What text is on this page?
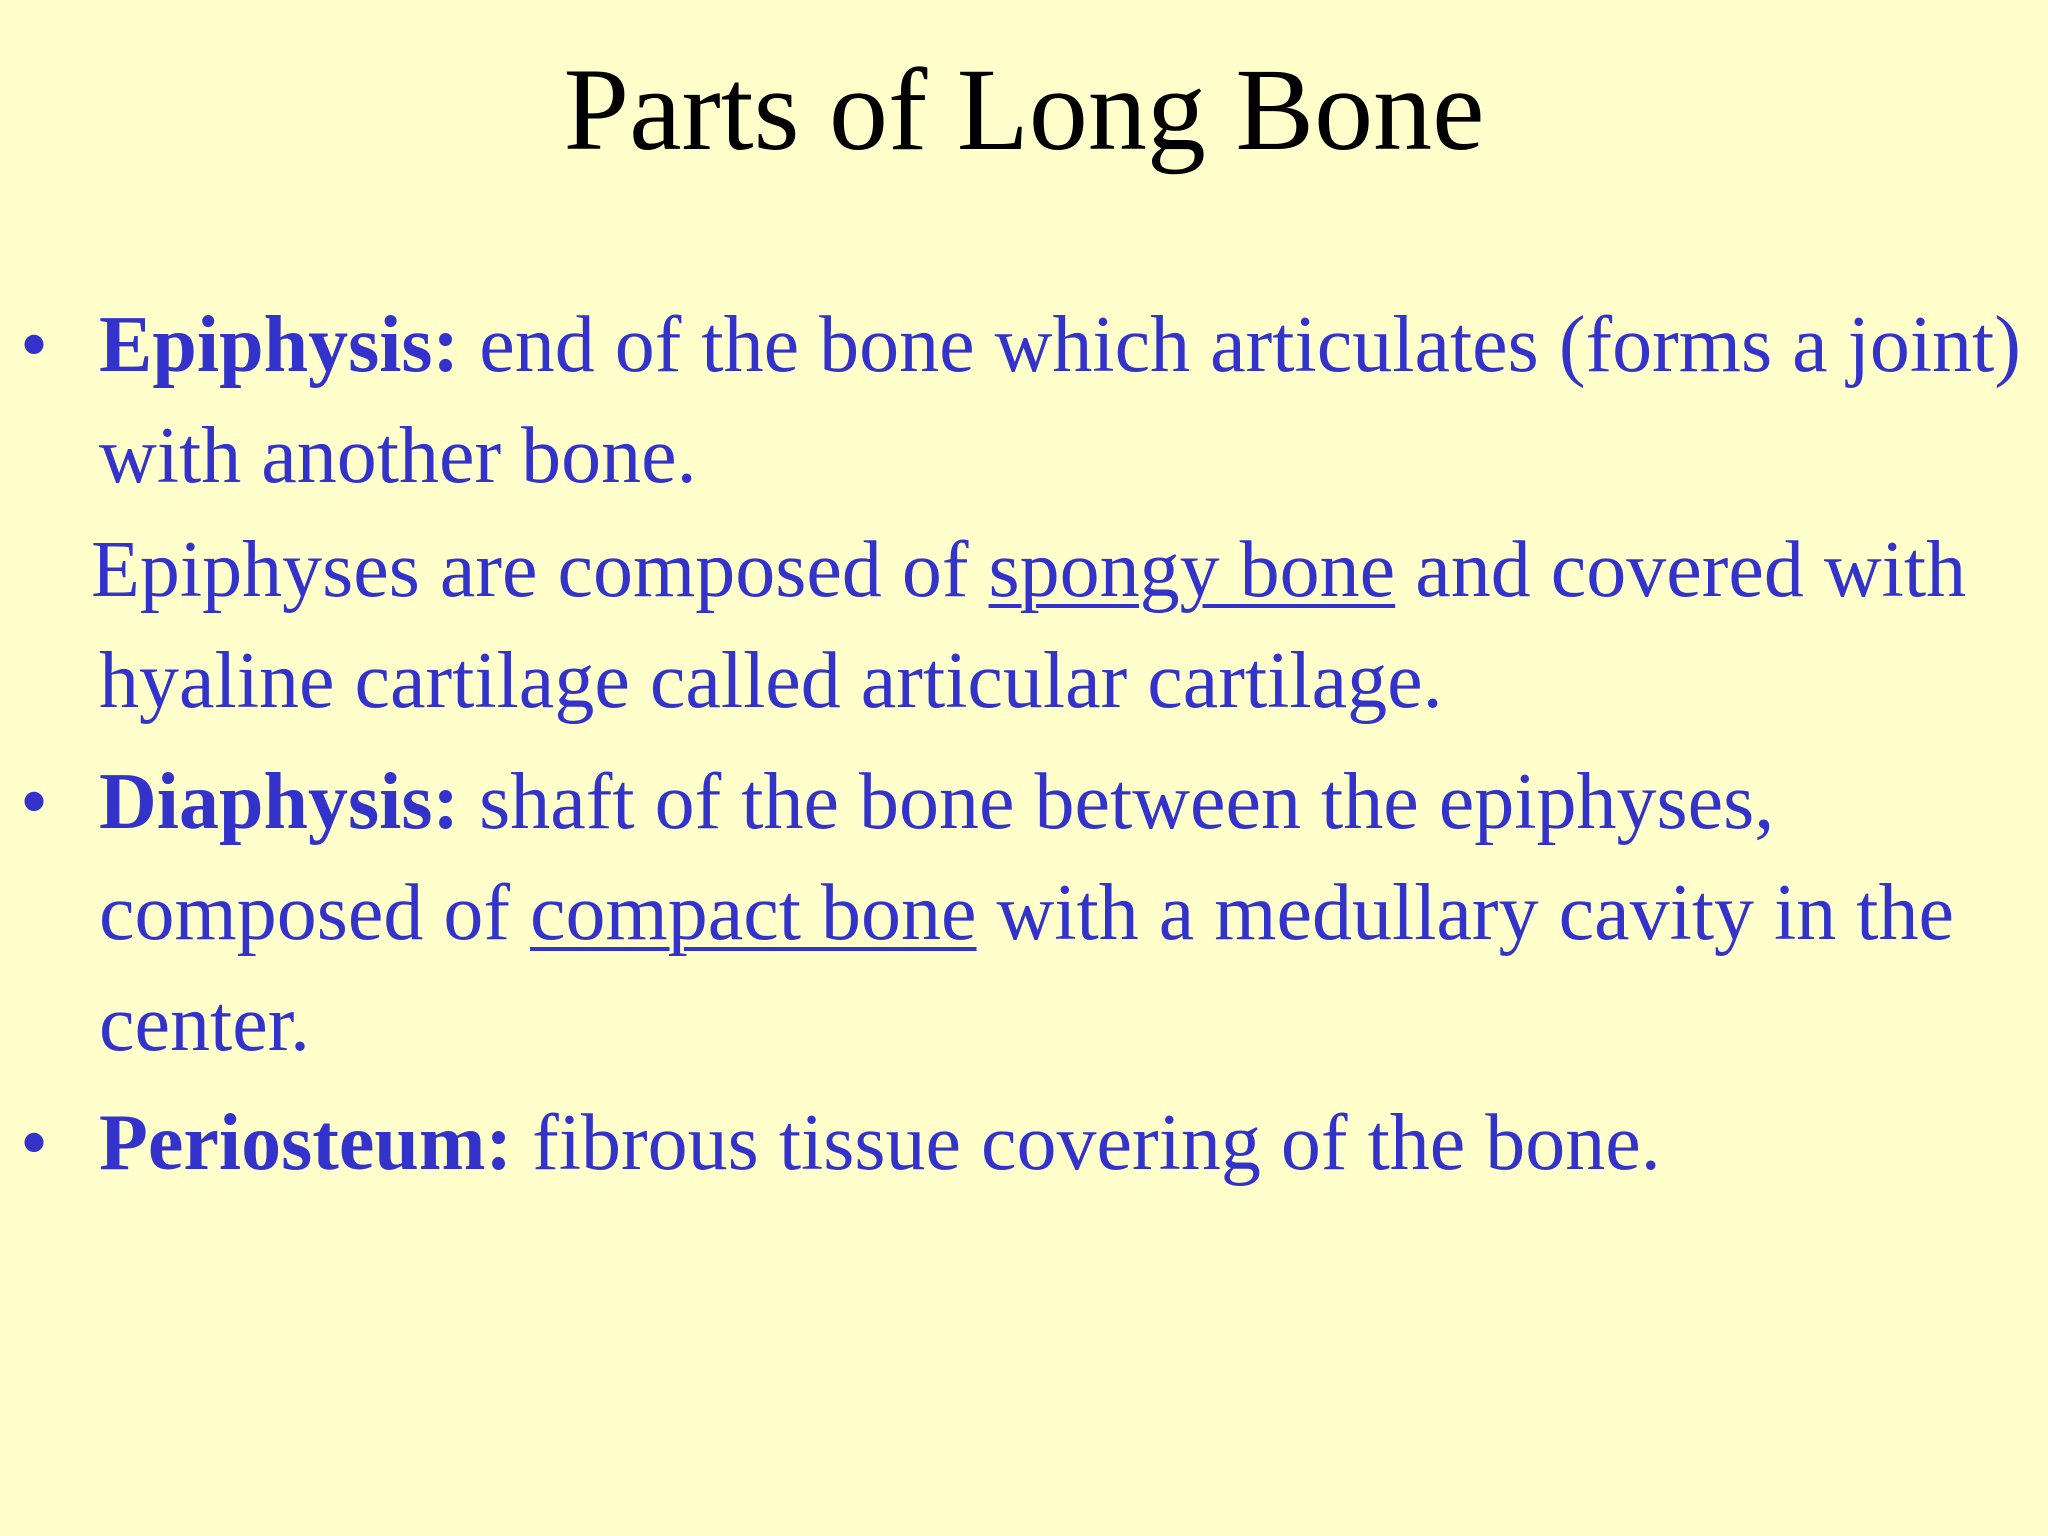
Parts of Long Bone
• Epiphysis: end of the bone which articulates (forms a joint) with another bone.
Epiphyses are composed of spongy bone and covered with hyaline cartilage called articular cartilage.
• Diaphysis: shaft of the bone between the epiphyses, composed of compact bone with a medullary cavity in the center.
• Periosteum: fibrous tissue covering of the bone.
